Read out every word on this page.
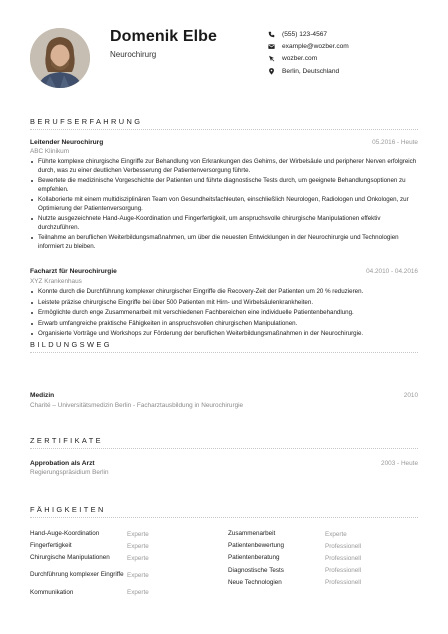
Domenik Elbe
Neurochirurg
(555) 123-4567
example@wozber.com
wozber.com
Berlin, Deutschland
BERUFSERFAHRUNG
Leitender Neurochirurg	05.2016 - Heute
ABC Klinikum
Führte komplexe chirurgische Eingriffe zur Behandlung von Erkrankungen des Gehirns, der Wirbelsäule und peripherer Nerven erfolgreich durch, was zu einer deutlichen Verbesserung der Patientenversorgung führte.
Bewertete die medizinische Vorgeschichte der Patienten und führte diagnostische Tests durch, um geeignete Behandlungsoptionen zu empfehlen.
Kollaborierte mit einem multidisziplinären Team von Gesundheitsfachleuten, einschließlich Neurologen, Radiologen und Onkologen, zur Optimierung der Patientenversorgung.
Nutzte ausgezeichnete Hand-Auge-Koordination und Fingerfertigkeit, um anspruchsvolle chirurgische Manipulationen effektiv durchzuführen.
Teilnahme an beruflichen Weiterbildungsmaßnahmen, um über die neuesten Entwicklungen in der Neurochirurgie und Technologien informiert zu bleiben.
Facharzt für Neurochirurgie	04.2010 - 04.2016
XYZ Krankenhaus
Konnte durch die Durchführung komplexer chirurgischer Eingriffe die Recovery-Zeit der Patienten um 20 % reduzieren.
Leistete präzise chirurgische Eingriffe bei über 500 Patienten mit Hirn- und Wirbelsäulenkrankheiten.
Ermöglichte durch enge Zusammenarbeit mit verschiedenen Fachbereichen eine individuelle Patientenbehandlung.
Erwarb umfangreiche praktische Fähigkeiten in anspruchsvollen chirurgischen Manipulationen.
Organisierte Vorträge und Workshops zur Förderung der beruflichen Weiterbildungsmaßnahmen in der Neurochirurgie.
BILDUNGSWEG
Medizin	2010
Charité – Universitätsmedizin Berlin - Facharztausbildung in Neurochirurgie
ZERTIFIKATE
Approbation als Arzt	2003 - Heute
Regierungspräsidium Berlin
FÄHIGKEITEN
Hand-Auge-Koordination	Experte
Fingerfertigkeit	Experte
Chirurgische Manipulationen	Experte
Durchführung komplexer Eingriffe Experte
Kommunikation	Experte
Zusammenarbeit	Experte
Patientenbewertung	Professionell
Patientenberatung	Professionell
Diagnostische Tests	Professionell
Neue Technologien	Professionell
